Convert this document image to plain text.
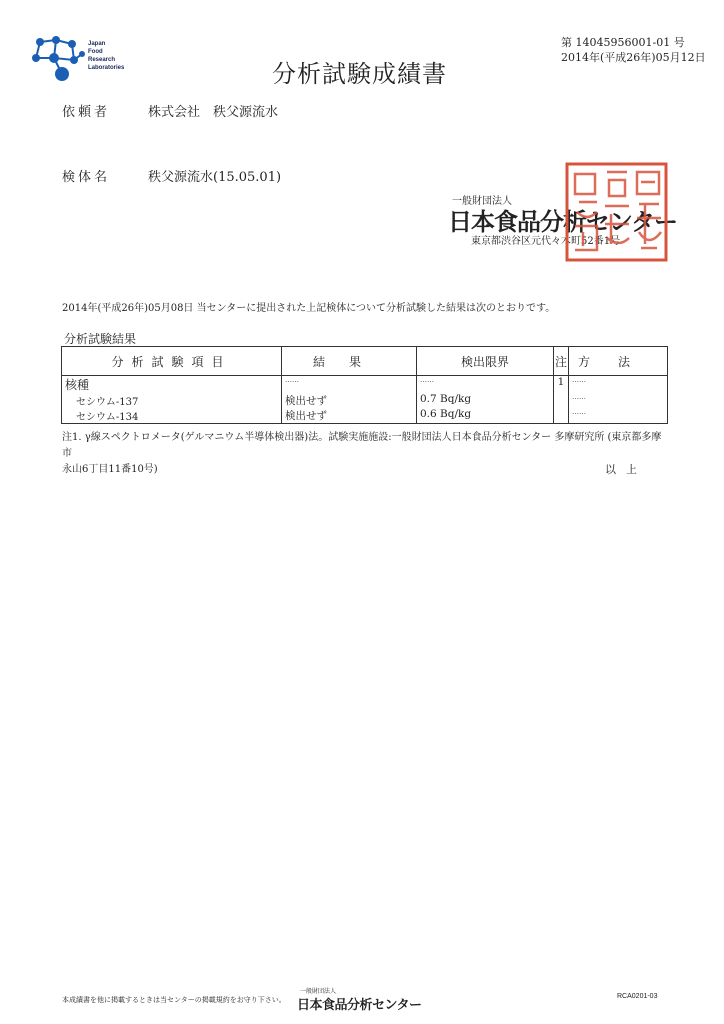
Japan
Food
Research
Laboratories	分析試験成績書
第 14045956001-01 号
2014年(平成26年)05月12日
依頼者	株式会社　秩父源流水
検体名	秩父源流水(15.05.01)
一般財団法人
日本食品分析センター
東京都渋谷区元代々木町52番1号
2014年(平成26年)05月08日 当センターに提出された上記検体について分析試験した結果は次のとおりです。
分析試験結果
分析試験項目	結果	検出限界	注	方法
核種	……	……	1	……
セシウム-137	検出せず	0.7 Bq/kg		……
セシウム-134	検出せず	0.6 Bq/kg		……
注1. γ線スペクトロメータ(ゲルマニウム半導体検出器)法。試験実施施設:一般財団法人日本食品分析センター 多摩研究所 (東京都多摩市
永山6丁目11番10号)	以上
本成績書を他に掲載するときは当センターの掲載規約をお守り下さい。
一般財団法人
日本食品分析センター
RCA0201-03
